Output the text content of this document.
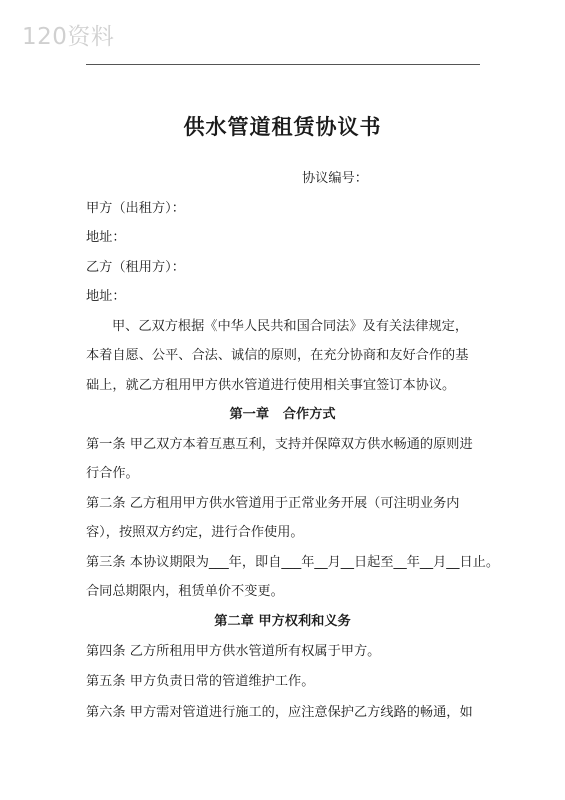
120资料
供水管道租赁协议书
协议编号：
甲方（出租方）：
地址：
乙方（租用方）：
地址：
甲、乙双方根据《中华人民共和国合同法》及有关法律规定，
本着自愿、公平、合法、诚信的原则，在充分协商和友好合作的基
础上，就乙方租用甲方供水管道进行使用相关事宜签订本协议。
第一章   合作方式
第一条 甲乙双方本着互惠互利，支持并保障双方供水畅通的原则进
行合作。
第二条 乙方租用甲方供水管道用于正常业务开展（可注明业务内
容），按照双方约定，进行合作使用。
第三条 本协议期限为___年，即自___年__月__日起至__年__月__日止。
合同总期限内，租赁单价不变更。
第二章 甲方权利和义务
第四条 乙方所租用甲方供水管道所有权属于甲方。
第五条 甲方负责日常的管道维护工作。
第六条 甲方需对管道进行施工的，应注意保护乙方线路的畅通，如
